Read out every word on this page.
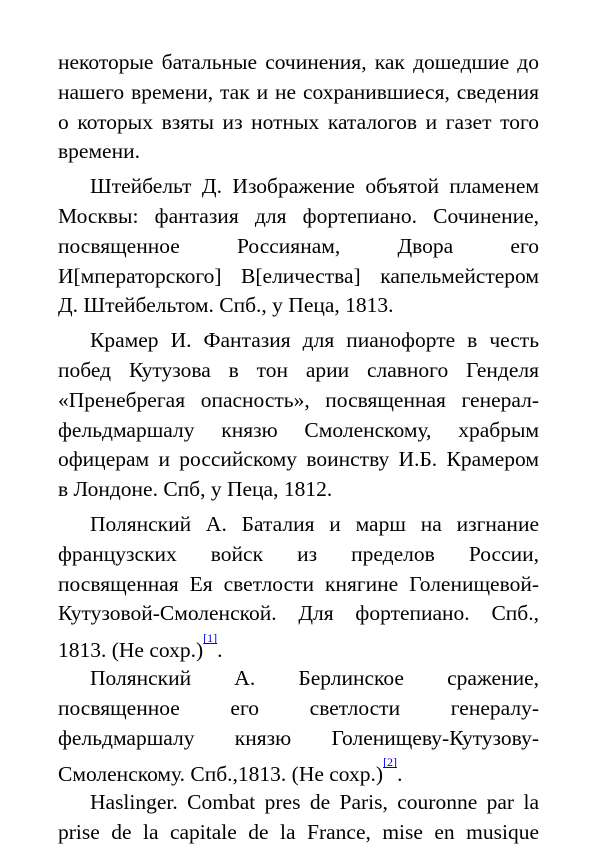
некоторые батальные сочинения, как дошедшие до
нашего времени, так и не сохранившиеся, сведения
о которых взяты из нотных каталогов и газет того
времени.
Штейбельт Д. Изображение объятой пламенем
Москвы: фантазия для фортепиано. Сочинение,
посвященное Россиянам, Двора его
И[мператорского] В[еличества] капельмейстером
Д. Штейбельтом. Спб., у Пеца, 1813.
Крамер И. Фантазия для пианофорте в честь
побед Кутузова в тон арии славного Генделя
«Пренебрегая опасность», посвященная генерал-
фельдмаршалу князю Смоленскому, храбрым
офицерам и российскому воинству И.Б. Крамером
в Лондоне. Спб, у Пеца, 1812.
Полянский А. Баталия и марш на изгнание
французских войск из пределов России,
посвященная Ея светлости княгине Голенищевой-
Кутузовой-Смоленской. Для фортепиано. Спб.,
1813. (Не сохр.)[1].
Полянский А. Берлинское сражение,
посвященное его светлости генералу-
фельдмаршалу князю Голенищеву-Кутузову-
Смоленскому. Спб.,1813. (Не сохр.)[2].
Haslinger. Combat pres de Paris, couronne par la
prise de la capitale de la France, mise en musique
